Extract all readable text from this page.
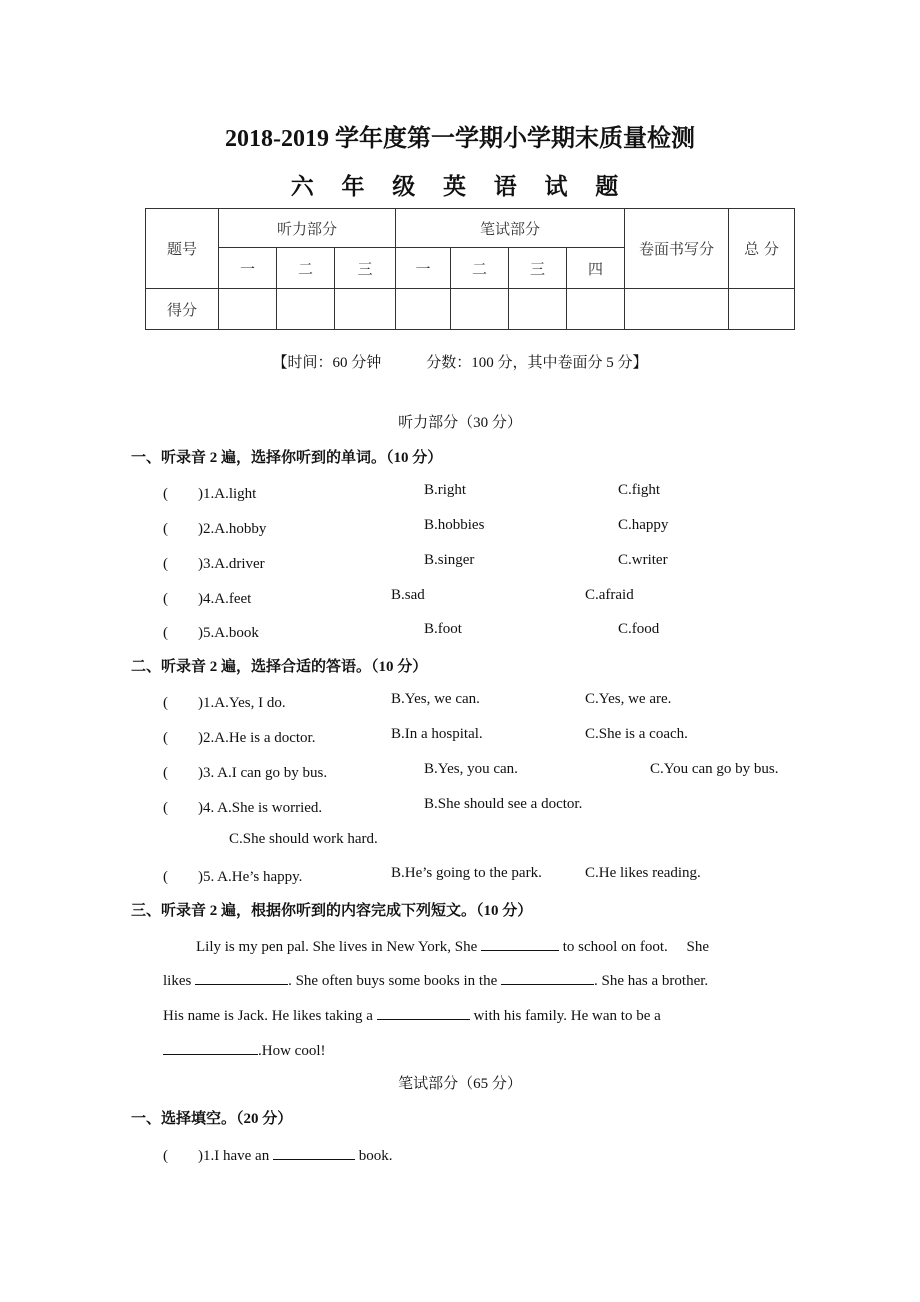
2018-2019 学年度第一学期小学期末质量检测
六 年 级 英 语 试 题
题号	听力部分			笔试部分				卷面书写分	总 分
	一	二	三	一	二	三	四		
得分									
【时间：60 分钟　　　分数：100 分，其中卷面分 5 分】
听力部分（30 分）
一、听录音 2 遍，选择你听到的单词。（10 分）
(　　)1.A.light	B.right	C.fight
(　　)2.A.hobby	B.hobbies	C.happy
(　　)3.A.driver	B.singer	C.writer
(　　)4.A.feet	B.sad	C.afraid
(　　)5.A.book	B.foot	C.food
二、听录音 2 遍，选择合适的答语。（10 分）
(　　)1.A.Yes, I do.	B.Yes, we can.	C.Yes, we are.
(　　)2.A.He is a doctor.	B.In a hospital.	C.She is a coach.
(　　)3. A.I can go by bus.	B.Yes, you can.	C.You can go by bus.
(　　)4. A.She is worried.	B.She should see a doctor.
C.She should work hard.
(　　)5. A.He’s happy.	B.He’s going to the park.	C.He likes reading.
三、听录音 2 遍，根据你听到的内容完成下列短文。（10 分）
Lily is my pen pal. She lives in New York, She	to school on foot.　 She
likes	. She often buys some books in the	. She has a brother.
His name is Jack. He likes taking a	with his family. He wan to be a
.How cool!
笔试部分（65 分）
一、选择填空。（20 分）
(　　)1.I have an	book.
